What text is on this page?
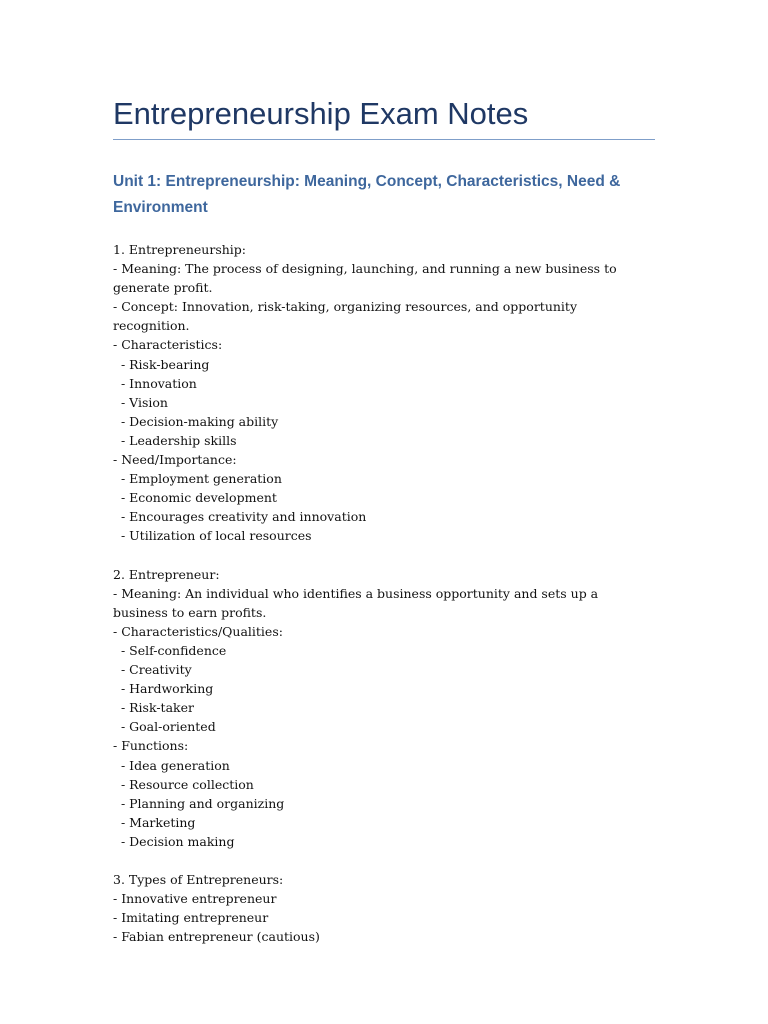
Entrepreneurship Exam Notes
Unit 1: Entrepreneurship: Meaning, Concept, Characteristics, Need & Environment
1. Entrepreneurship:
- Meaning: The process of designing, launching, and running a new business to generate profit.
- Concept: Innovation, risk-taking, organizing resources, and opportunity recognition.
- Characteristics:
- Risk-bearing
- Innovation
- Vision
- Decision-making ability
- Leadership skills
- Need/Importance:
- Employment generation
- Economic development
- Encourages creativity and innovation
- Utilization of local resources
2. Entrepreneur:
- Meaning: An individual who identifies a business opportunity and sets up a business to earn profits.
- Characteristics/Qualities:
- Self-confidence
- Creativity
- Hardworking
- Risk-taker
- Goal-oriented
- Functions:
- Idea generation
- Resource collection
- Planning and organizing
- Marketing
- Decision making
3. Types of Entrepreneurs:
- Innovative entrepreneur
- Imitating entrepreneur
- Fabian entrepreneur (cautious)
